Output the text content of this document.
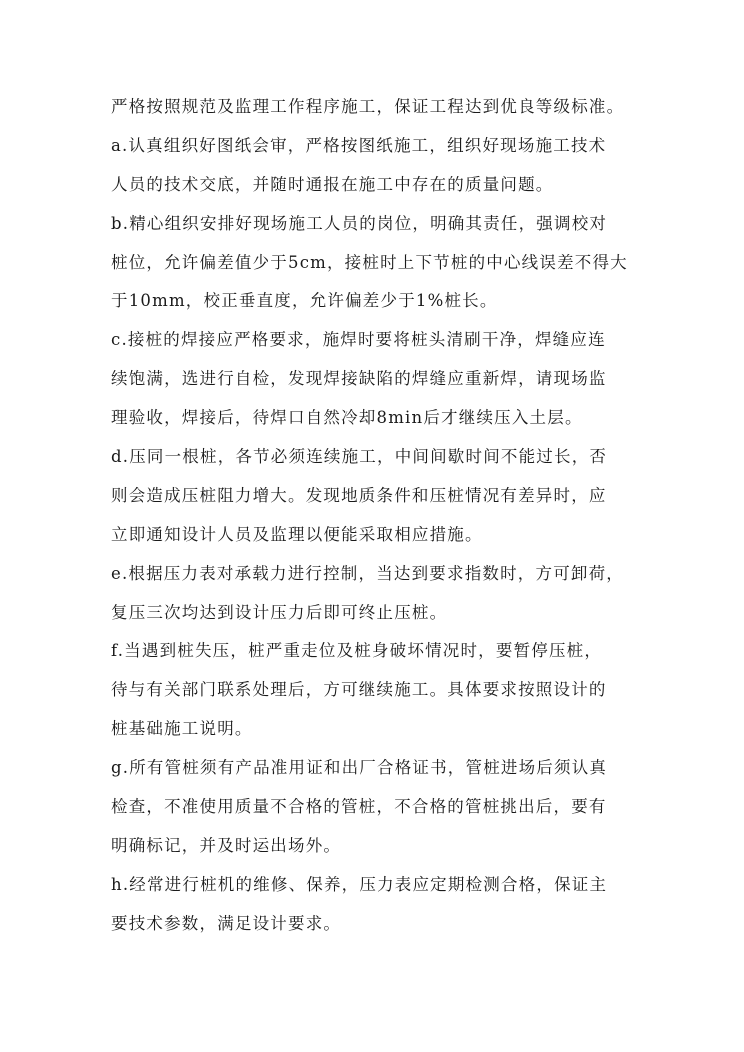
严格按照规范及监理工作程序施工，保证工程达到优良等级标准。
a.认真组织好图纸会审，严格按图纸施工，组织好现场施工技术
人员的技术交底，并随时通报在施工中存在的质量问题。
b.精心组织安排好现场施工人员的岗位，明确其责任，强调校对
桩位，允许偏差值少于5cm，接桩时上下节桩的中心线误差不得大
于10mm，校正垂直度，允许偏差少于1%桩长。
c.接桩的焊接应严格要求，施焊时要将桩头清刷干净，焊缝应连
续饱满，选进行自检，发现焊接缺陷的焊缝应重新焊，请现场监
理验收，焊接后，待焊口自然冷却8min后才继续压入土层。
d.压同一根桩，各节必须连续施工，中间间歇时间不能过长，否
则会造成压桩阻力增大。发现地质条件和压桩情况有差异时，应
立即通知设计人员及监理以便能采取相应措施。
e.根据压力表对承载力进行控制，当达到要求指数时，方可卸荷，
复压三次均达到设计压力后即可终止压桩。
f.当遇到桩失压，桩严重走位及桩身破坏情况时，要暂停压桩，
待与有关部门联系处理后，方可继续施工。具体要求按照设计的
桩基础施工说明。
g.所有管桩须有产品准用证和出厂合格证书，管桩进场后须认真
检查，不准使用质量不合格的管桩，不合格的管桩挑出后，要有
明确标记，并及时运出场外。
h.经常进行桩机的维修、保养，压力表应定期检测合格，保证主
要技术参数，满足设计要求。
